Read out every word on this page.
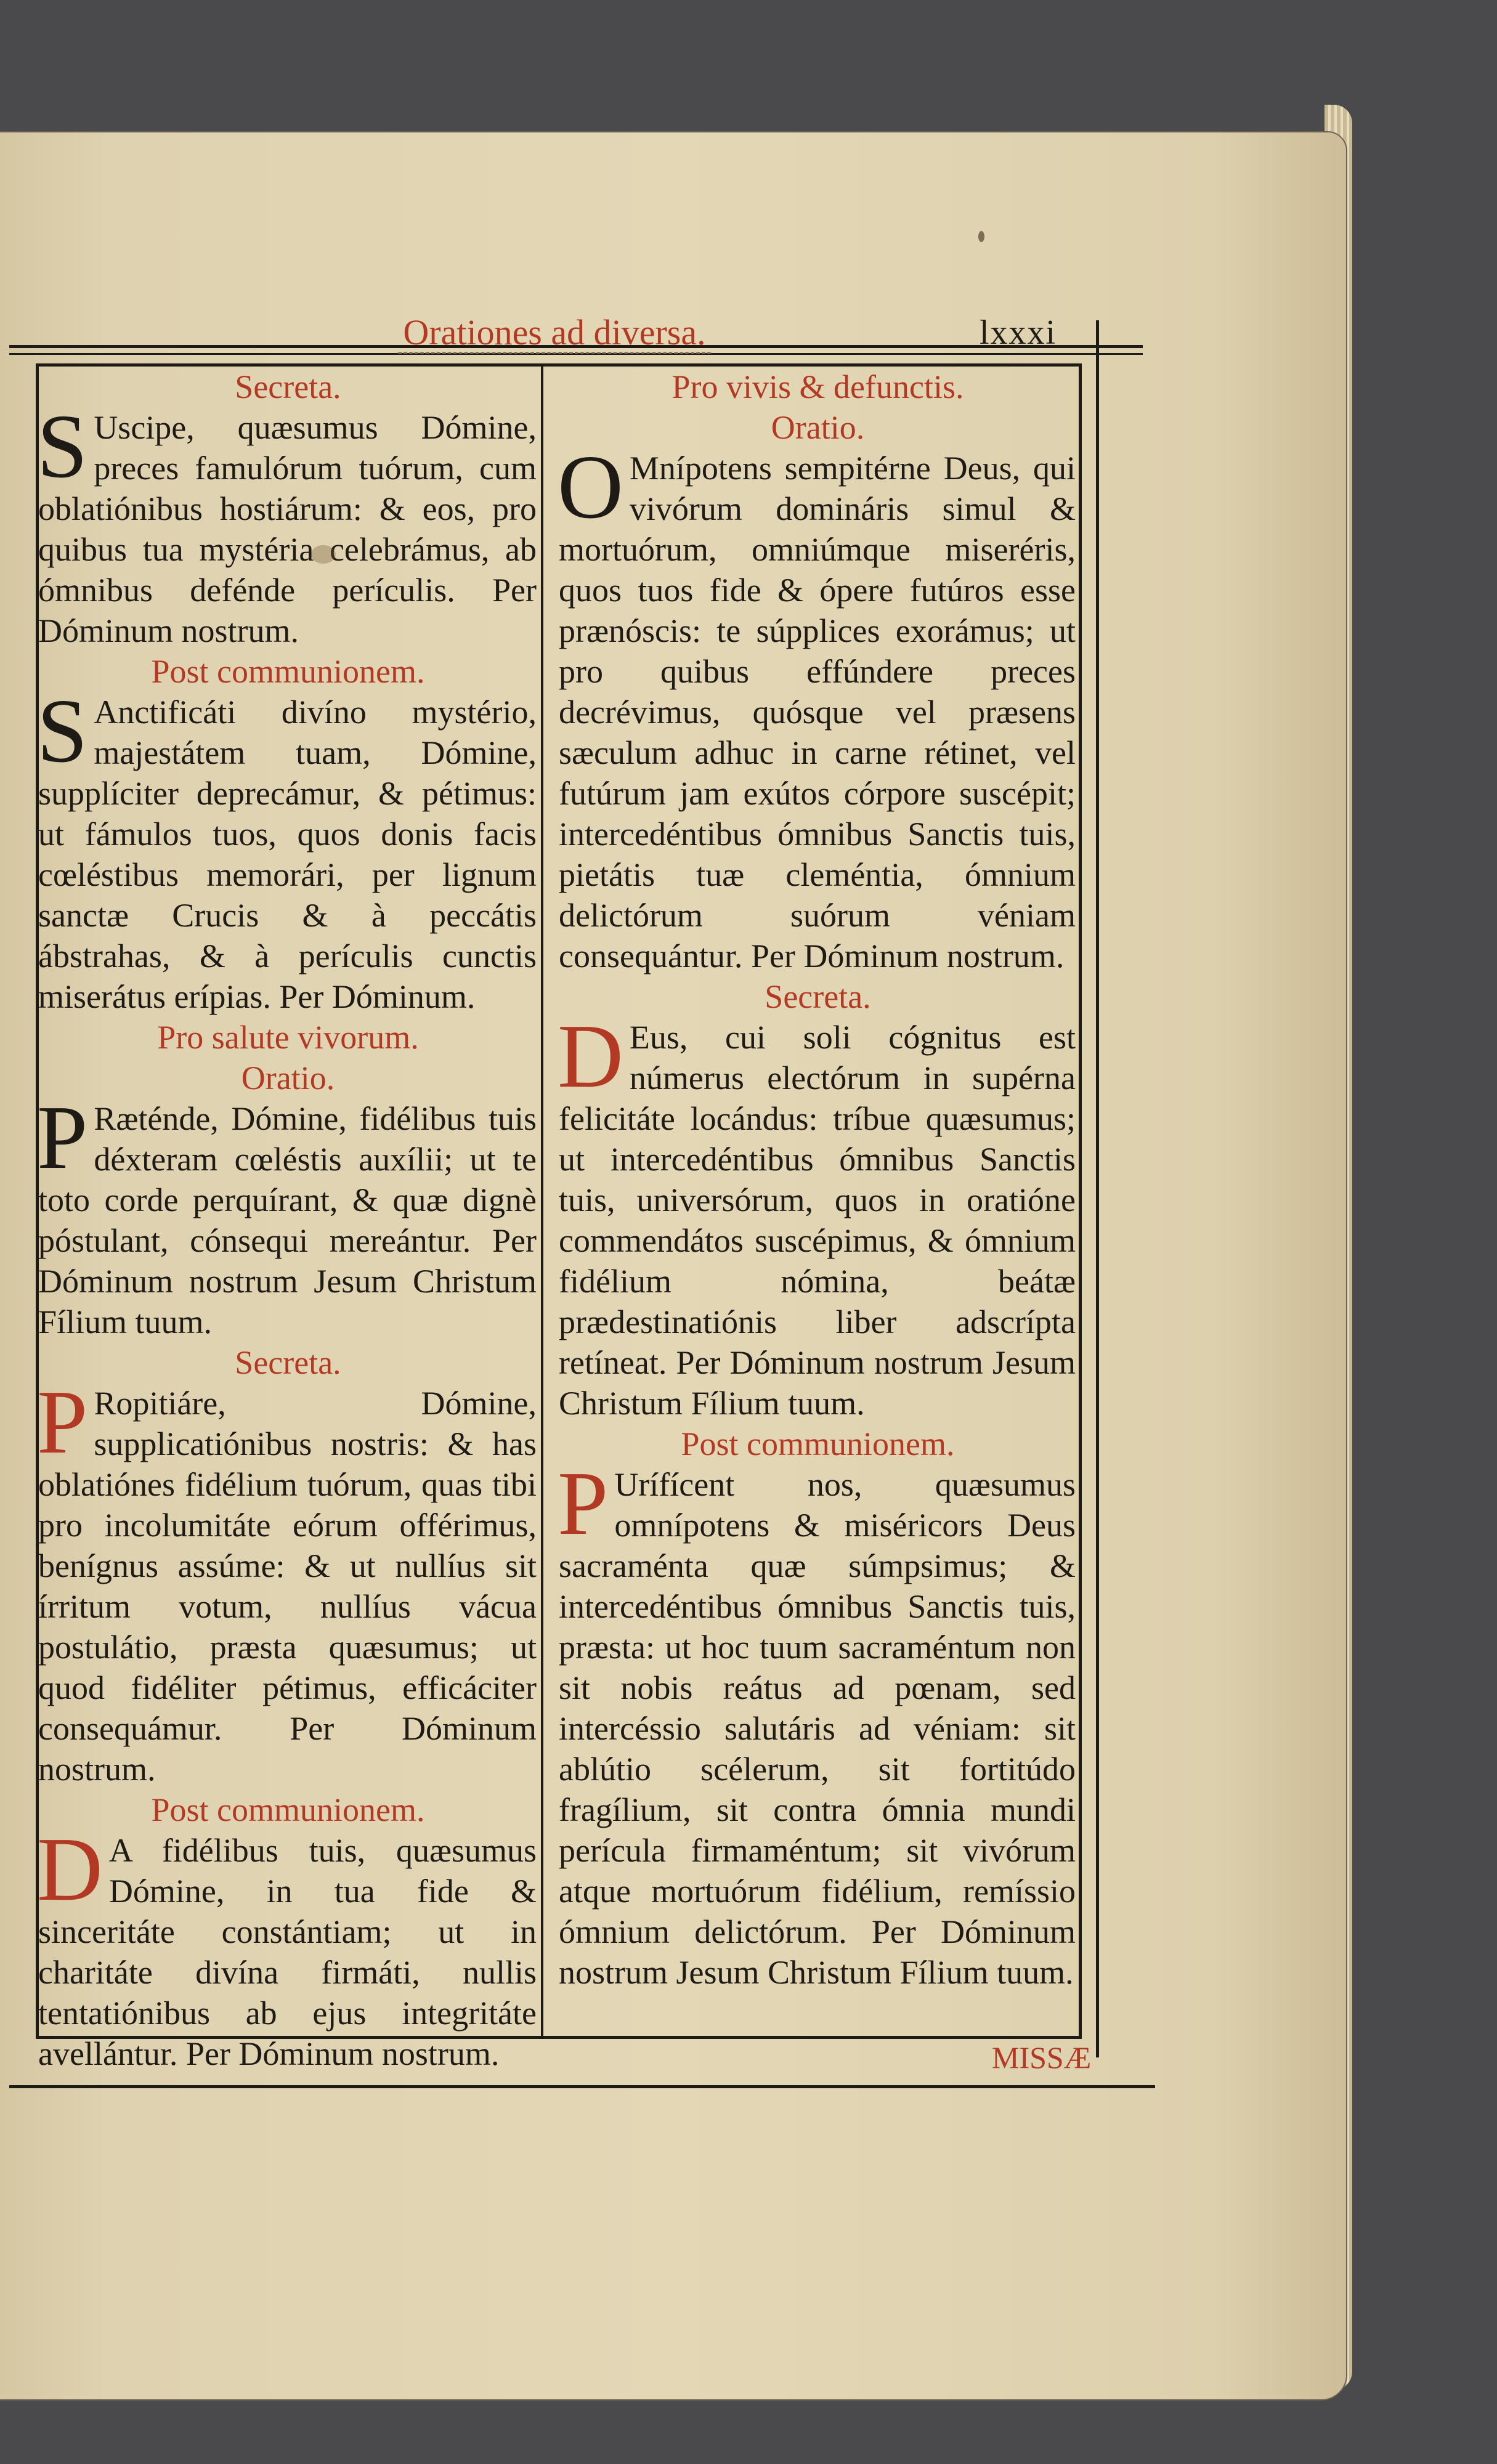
Orationes ad diversa.	lxxxi

Secreta.

S Uscipe, quæsumus Dómine, preces famulórum tuórum, cum oblatiónibus hostiárum: & eos, pro quibus tua mystéria celebrámus, ab ómnibus defénde perículis. Per Dóminum nostrum.

Post communionem.

S Anctificáti divíno mystério, majestátem tuam, Dómine, supplíciter deprecámur, & pétimus: ut fámulos tuos, quos donis facis cœléstibus memorári, per lignum sanctæ Crucis & à peccátis ábstrahas, & à perículis cunctis miserátus erípias. Per Dóminum.

Pro salute vivorum.

Oratio.

P Ræténde, Dómine, fidélibus tuis déxteram cœléstis auxílii; ut te toto corde perquírant, & quæ dignè póstulant, cónsequi mereántur. Per Dóminum nostrum Jesum Christum Fílium tuum.

Secreta.

P Ropitiáre, Dómine, supplicatiónibus nostris: & has oblatiónes fidélium tuórum, quas tibi pro incolumitáte eórum offérimus, benígnus assúme: & ut nullíus sit írritum votum, nullíus vácua postulátio, præsta quæsumus; ut quod fidéliter pétimus, efficáciter consequámur. Per Dóminum nostrum.

Post communionem.

D A fidélibus tuis, quæsumus Dómine, in tua fide & sinceritáte constántiam; ut in charitáte divína firmáti, nullis tentatiónibus ab ejus integritáte avellántur. Per Dóminum nostrum.

Pro vivis & defunctis.

Oratio.

O Mnípotens sempitérne Deus, qui vivórum domináris simul & mortuórum, omniúmque miseréris, quos tuos fide & ópere futúros esse prænóscis: te súpplices exorámus; ut pro quibus effúndere preces decrévimus, quósque vel præsens sæculum adhuc in carne rétinet, vel futúrum jam exútos córpore suscépit; intercedéntibus ómnibus Sanctis tuis, pietátis tuæ cleméntia, ómnium delictórum suórum véniam consequántur. Per Dóminum nostrum.

Secreta.

D Eus, cui soli cógnitus est númerus electórum in supérna felicitáte locándus: tríbue quæsumus; ut intercedéntibus ómnibus Sanctis tuis, universórum, quos in oratióne commendátos suscépimus, & ómnium fidélium nómina, beátæ prædestinatiónis liber adscrípta retíneat. Per Dóminum nostrum Jesum Christum Fílium tuum.

Post communionem.

P Urífícent nos, quæsumus omnípotens & miséricors Deus sacraménta quæ súmpsimus; & intercedéntibus ómnibus Sanctis tuis, præsta: ut hoc tuum sacraméntum non sit nobis reátus ad pœnam, sed intercéssio salutáris ad véniam: sit ablútio scélerum, sit fortitúdo fragílium, sit contra ómnia mundi perícula firmaméntum; sit vivórum atque mortuórum fidélium, remíssio ómnium delictórum. Per Dóminum nostrum Jesum Christum Fílium tuum.

MISSÆ
